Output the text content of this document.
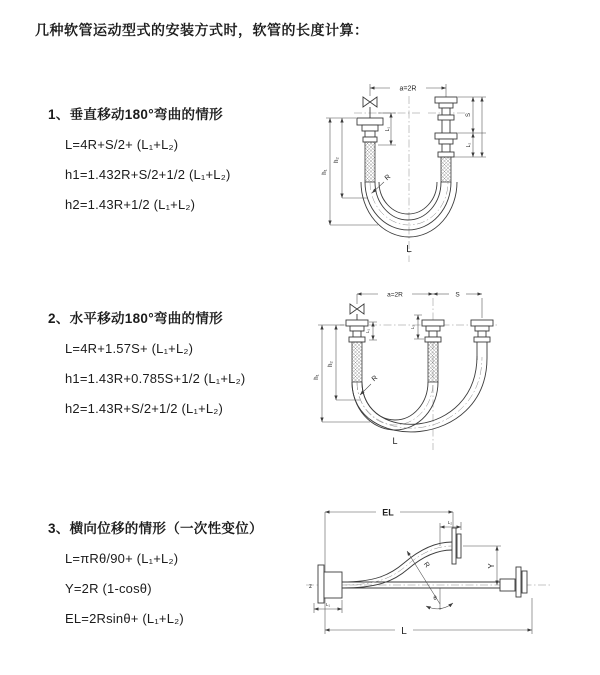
几种软管运动型式的安装方式时，软管的长度计算：
1、垂直移动180°弯曲的情形
L=4R+S/2+ (L₁+L₂)
h1=1.432R+S/2+1/2 (L₁+L₂)
h2=1.43R+1/2 (L₁+L₂)
2、水平移动180°弯曲的情形
L=4R+1.57S+ (L₁+L₂)
h1=1.43R+0.785S+1/2 (L₁+L₂)
h2=1.43R+S/2+1/2 (L₁+L₂)
3、横向位移的情形（一次性变位）
L=πRθ/90+ (L₁+L₂)
Y=2R (1-cosθ)
EL=2Rsinθ+ (L₁+L₂)
a=2R
L₁
S
L₂
h₁
h₂
R
L
a=2R	S
L₁
L₂
h₁
h₂
R
L
z
EL
L₂
R
θ
Y
L₁
L
